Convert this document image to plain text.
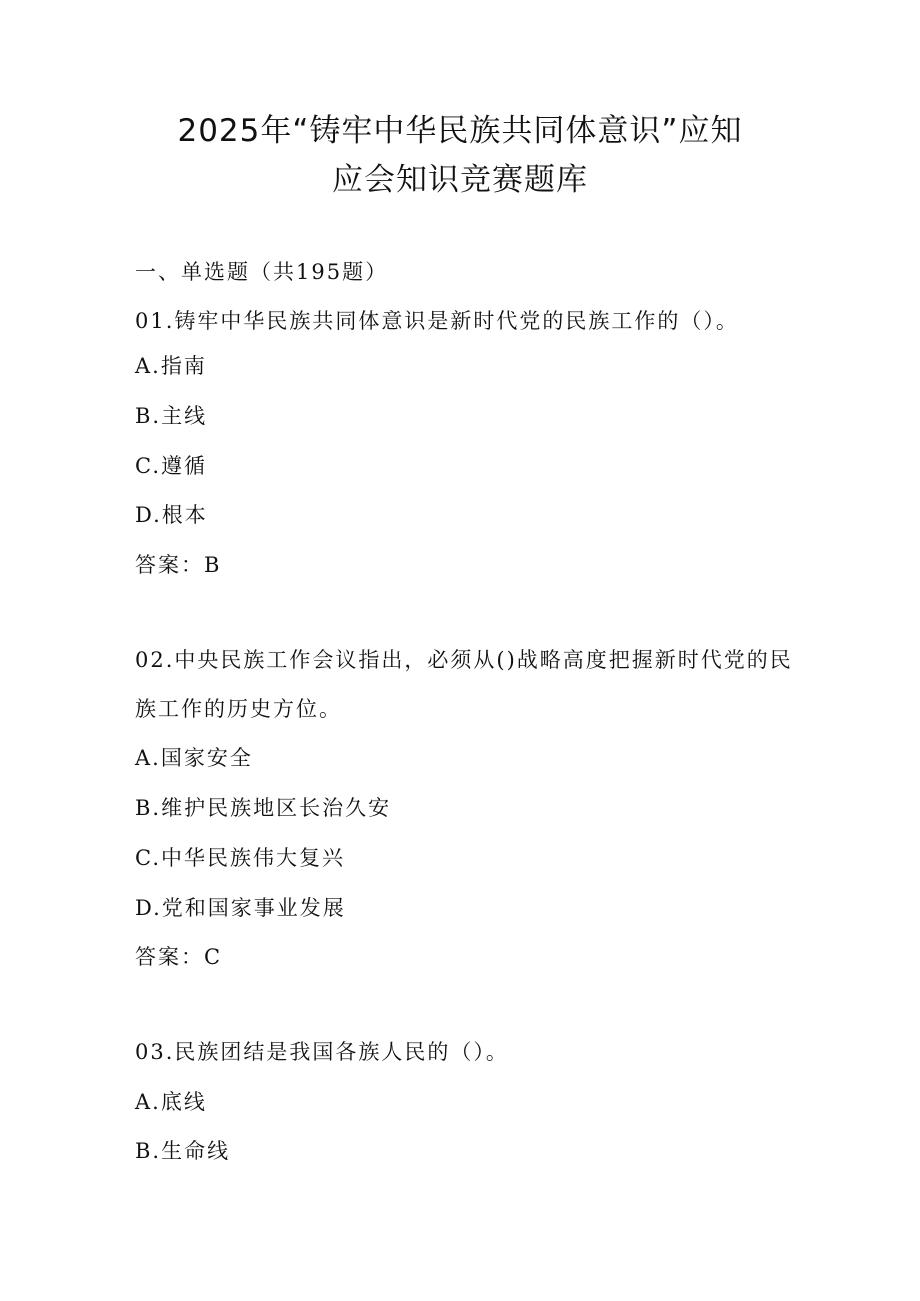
2025年“铸牢中华民族共同体意识”应知
应会知识竞赛题库
一、单选题（共195题）
01.铸牢中华民族共同体意识是新时代党的民族工作的（）。
A.指南
B.主线
C.遵循
D.根本
答案：B
02.中央民族工作会议指出，必须从()战略高度把握新时代党的民
族工作的历史方位。
A.国家安全
B.维护民族地区长治久安
C.中华民族伟大复兴
D.党和国家事业发展
答案：C
03.民族团结是我国各族人民的（）。
A.底线
B.生命线
